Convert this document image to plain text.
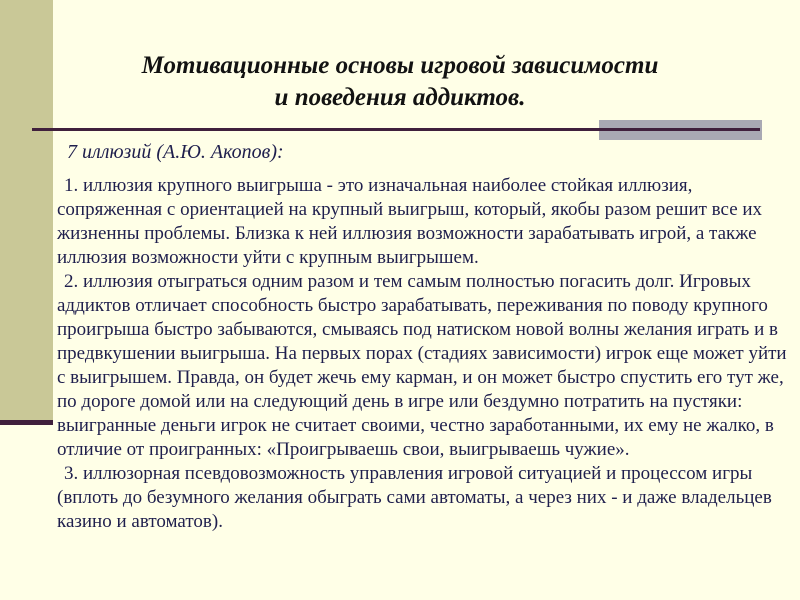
Мотивационные основы игровой зависимости
и поведения аддиктов.

7 иллюзий (А.Ю. Акопов):

1. иллюзия крупного выигрыша - это изначальная наиболее стойкая иллюзия, сопряженная с ориентацией на крупный выигрыш, который, якобы разом решит все их жизненны проблемы. Близка к ней иллюзия возможности зарабатывать игрой, а также иллюзия возможности уйти с крупным выигрышем.

2. иллюзия отыграться одним разом и тем самым полностью погасить долг. Игровых аддиктов отличает способность быстро зарабатывать, переживания по поводу крупного проигрыша быстро забываются, смываясь под натиском новой волны желания играть и в предвкушении выигрыша. На первых порах (стадиях зависимости) игрок еще может уйти с выигрышем. Правда, он будет жечь ему карман, и он может быстро спустить его тут же, по дороге домой или на следующий день в игре или бездумно потратить на пустяки: выигранные деньги игрок не считает своими, честно заработанными, их ему не жалко, в отличие от проигранных: «Проигрываешь свои, выигрываешь чужие».

3. иллюзорная псевдовозможность управления игровой ситуацией и процессом игры (вплоть до безумного желания обыграть сами автоматы, а через них - и даже владельцев казино и автоматов).
